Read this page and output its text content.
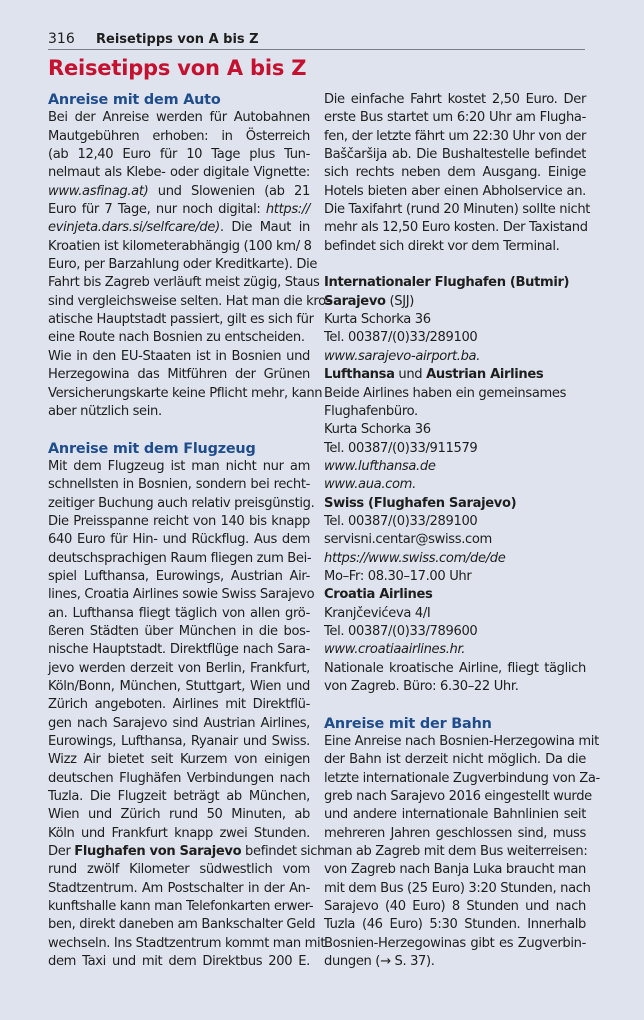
316 Reisetipps von A bis Z
Reisetipps von A bis Z
Anreise mit dem Auto
Bei der Anreise werden für Autobahnen
Mautgebühren erhoben: in Österreich
(ab 12,40 Euro für 10 Tage plus Tun-
nelmaut als Klebe- oder digitale Vignette:
www.asfinag.at) und Slowenien (ab 21
Euro für 7 Tage, nur noch digital: https://
evinjeta.dars.si/selfcare/de). Die Maut in
Kroatien ist kilometerabhängig (100 km/ 8
Euro, per Barzahlung oder Kreditkarte). Die
Fahrt bis Zagreb verläuft meist zügig, Staus
sind vergleichsweise selten. Hat man die kro-
atische Hauptstadt passiert, gilt es sich für
eine Route nach Bosnien zu entscheiden.
Wie in den EU-Staaten ist in Bosnien und
Herzegowina das Mitführen der Grünen
Versicherungskarte keine Pflicht mehr, kann
aber nützlich sein.
Anreise mit dem Flugzeug
Mit dem Flugzeug ist man nicht nur am
schnellsten in Bosnien, sondern bei recht-
zeitiger Buchung auch relativ preisgünstig.
Die Preisspanne reicht von 140 bis knapp
640 Euro für Hin- und Rückflug. Aus dem
deutschsprachigen Raum fliegen zum Bei-
spiel Lufthansa, Eurowings, Austrian Air-
lines, Croatia Airlines sowie Swiss Sarajevo
an. Lufthansa fliegt täglich von allen grö-
ßeren Städten über München in die bos-
nische Hauptstadt. Direktflüge nach Sara-
jevo werden derzeit von Berlin, Frankfurt,
Köln/Bonn, München, Stuttgart, Wien und
Zürich angeboten. Airlines mit Direktflü-
gen nach Sarajevo sind Austrian Airlines,
Eurowings, Lufthansa, Ryanair und Swiss.
Wizz Air bietet seit Kurzem von einigen
deutschen Flughäfen Verbindungen nach
Tuzla. Die Flugzeit beträgt ab München,
Wien und Zürich rund 50 Minuten, ab
Köln und Frankfurt knapp zwei Stunden.
Der Flughafen von Sarajevo befindet sich
rund zwölf Kilometer südwestlich vom
Stadtzentrum. Am Postschalter in der An-
kunftshalle kann man Telefonkarten erwer-
ben, direkt daneben am Bankschalter Geld
wechseln. Ins Stadtzentrum kommt man mit
dem Taxi und mit dem Direktbus 200 E.
Die einfache Fahrt kostet 2,50 Euro. Der
erste Bus startet um 6:20 Uhr am Flugha-
fen, der letzte fährt um 22:30 Uhr von der
Baščaršija ab. Die Bushaltestelle befindet
sich rechts neben dem Ausgang. Einige
Hotels bieten aber einen Abholservice an.
Die Taxifahrt (rund 20 Minuten) sollte nicht
mehr als 12,50 Euro kosten. Der Taxistand
befindet sich direkt vor dem Terminal.
Internationaler Flughafen (Butmir)
Sarajevo (SJJ)
Kurta Schorka 36
Tel. 00387/(0)33/289100
www.sarajevo-airport.ba.
Lufthansa und Austrian Airlines
Beide Airlines haben ein gemeinsames
Flughafenbüro.
Kurta Schorka 36
Tel. 00387/(0)33/911579
www.lufthansa.de
www.aua.com.
Swiss (Flughafen Sarajevo)
Tel. 00387/(0)33/289100
servisni.centar@swiss.com
https://www.swiss.com/de/de
Mo–Fr: 08.30–17.00 Uhr
Croatia Airlines
Kranjčevićeva 4/I
Tel. 00387/(0)33/789600
www.croatiaairlines.hr.
Nationale kroatische Airline, fliegt täglich
von Zagreb. Büro: 6.30–22 Uhr.
Anreise mit der Bahn
Eine Anreise nach Bosnien-Herzegowina mit
der Bahn ist derzeit nicht möglich. Da die
letzte internationale Zugverbindung von Za-
greb nach Sarajevo 2016 eingestellt wurde
und andere internationale Bahnlinien seit
mehreren Jahren geschlossen sind, muss
man ab Zagreb mit dem Bus weiterreisen:
von Zagreb nach Banja Luka braucht man
mit dem Bus (25 Euro) 3:20 Stunden, nach
Sarajevo (40 Euro) 8 Stunden und nach
Tuzla (46 Euro) 5:30 Stunden. Innerhalb
Bosnien-Herzegowinas gibt es Zugverbin-
dungen (→ S. 37).
